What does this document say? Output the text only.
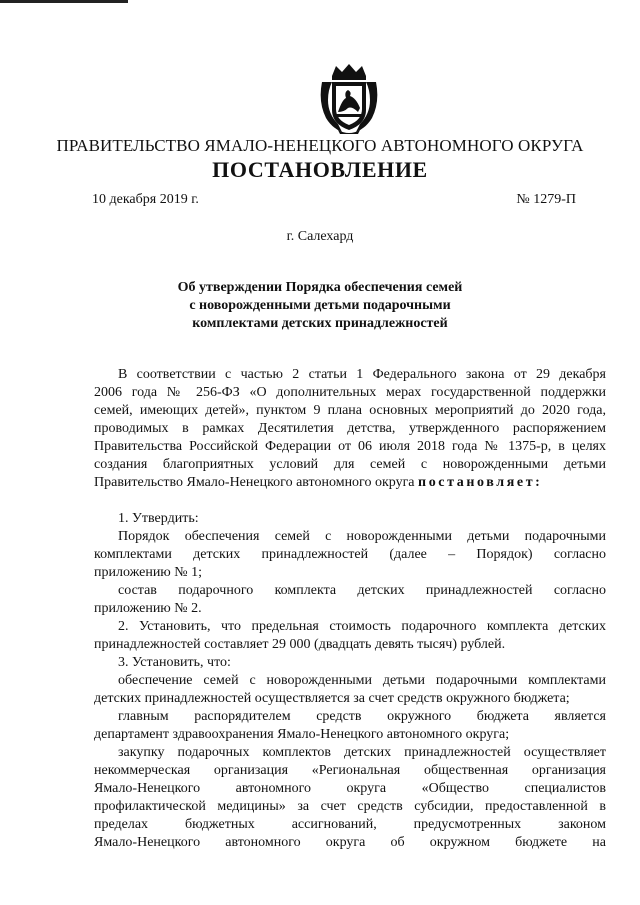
ПРАВИТЕЛЬСТВО ЯМАЛО-НЕНЕЦКОГО АВТОНОМНОГО ОКРУГА
ПОСТАНОВЛЕНИЕ
10 декабря 2019 г.	№ 1279-П
г. Салехард
Об утверждении Порядка обеспечения семей
с новорожденными детьми подарочными
комплектами детских принадлежностей
В соответствии с частью 2 статьи 1 Федерального закона от 29 декабря
2006 года № 256-ФЗ «О дополнительных мерах государственной поддержки
семей, имеющих детей», пунктом 9 плана основных мероприятий до 2020 года,
проводимых в рамках Десятилетия детства, утвержденного распоряжением
Правительства Российской Федерации от 06 июля 2018 года № 1375-р, в целях
создания благоприятных условий для семей с новорожденными детьми
Правительство Ямало-Ненецкого автономного округа постановляет:
1. Утвердить:
Порядок обеспечения семей с новорожденными детьми подарочными
комплектами детских принадлежностей (далее – Порядок) согласно
приложению № 1;
состав подарочного комплекта детских принадлежностей согласно
приложению № 2.
2. Установить, что предельная стоимость подарочного комплекта детских
принадлежностей составляет 29 000 (двадцать девять тысяч) рублей.
3. Установить, что:
обеспечение семей с новорожденными детьми подарочными комплектами
детских принадлежностей осуществляется за счет средств окружного бюджета;
главным распорядителем средств окружного бюджета является
департамент здравоохранения Ямало-Ненецкого автономного округа;
закупку подарочных комплектов детских принадлежностей осуществляет
некоммерческая организация «Региональная общественная организация
Ямало-Ненецкого автономного округа «Общество специалистов
профилактической медицины» за счет средств субсидии, предоставленной в
пределах бюджетных ассигнований, предусмотренных законом
Ямало-Ненецкого автономного округа об окружном бюджете на
